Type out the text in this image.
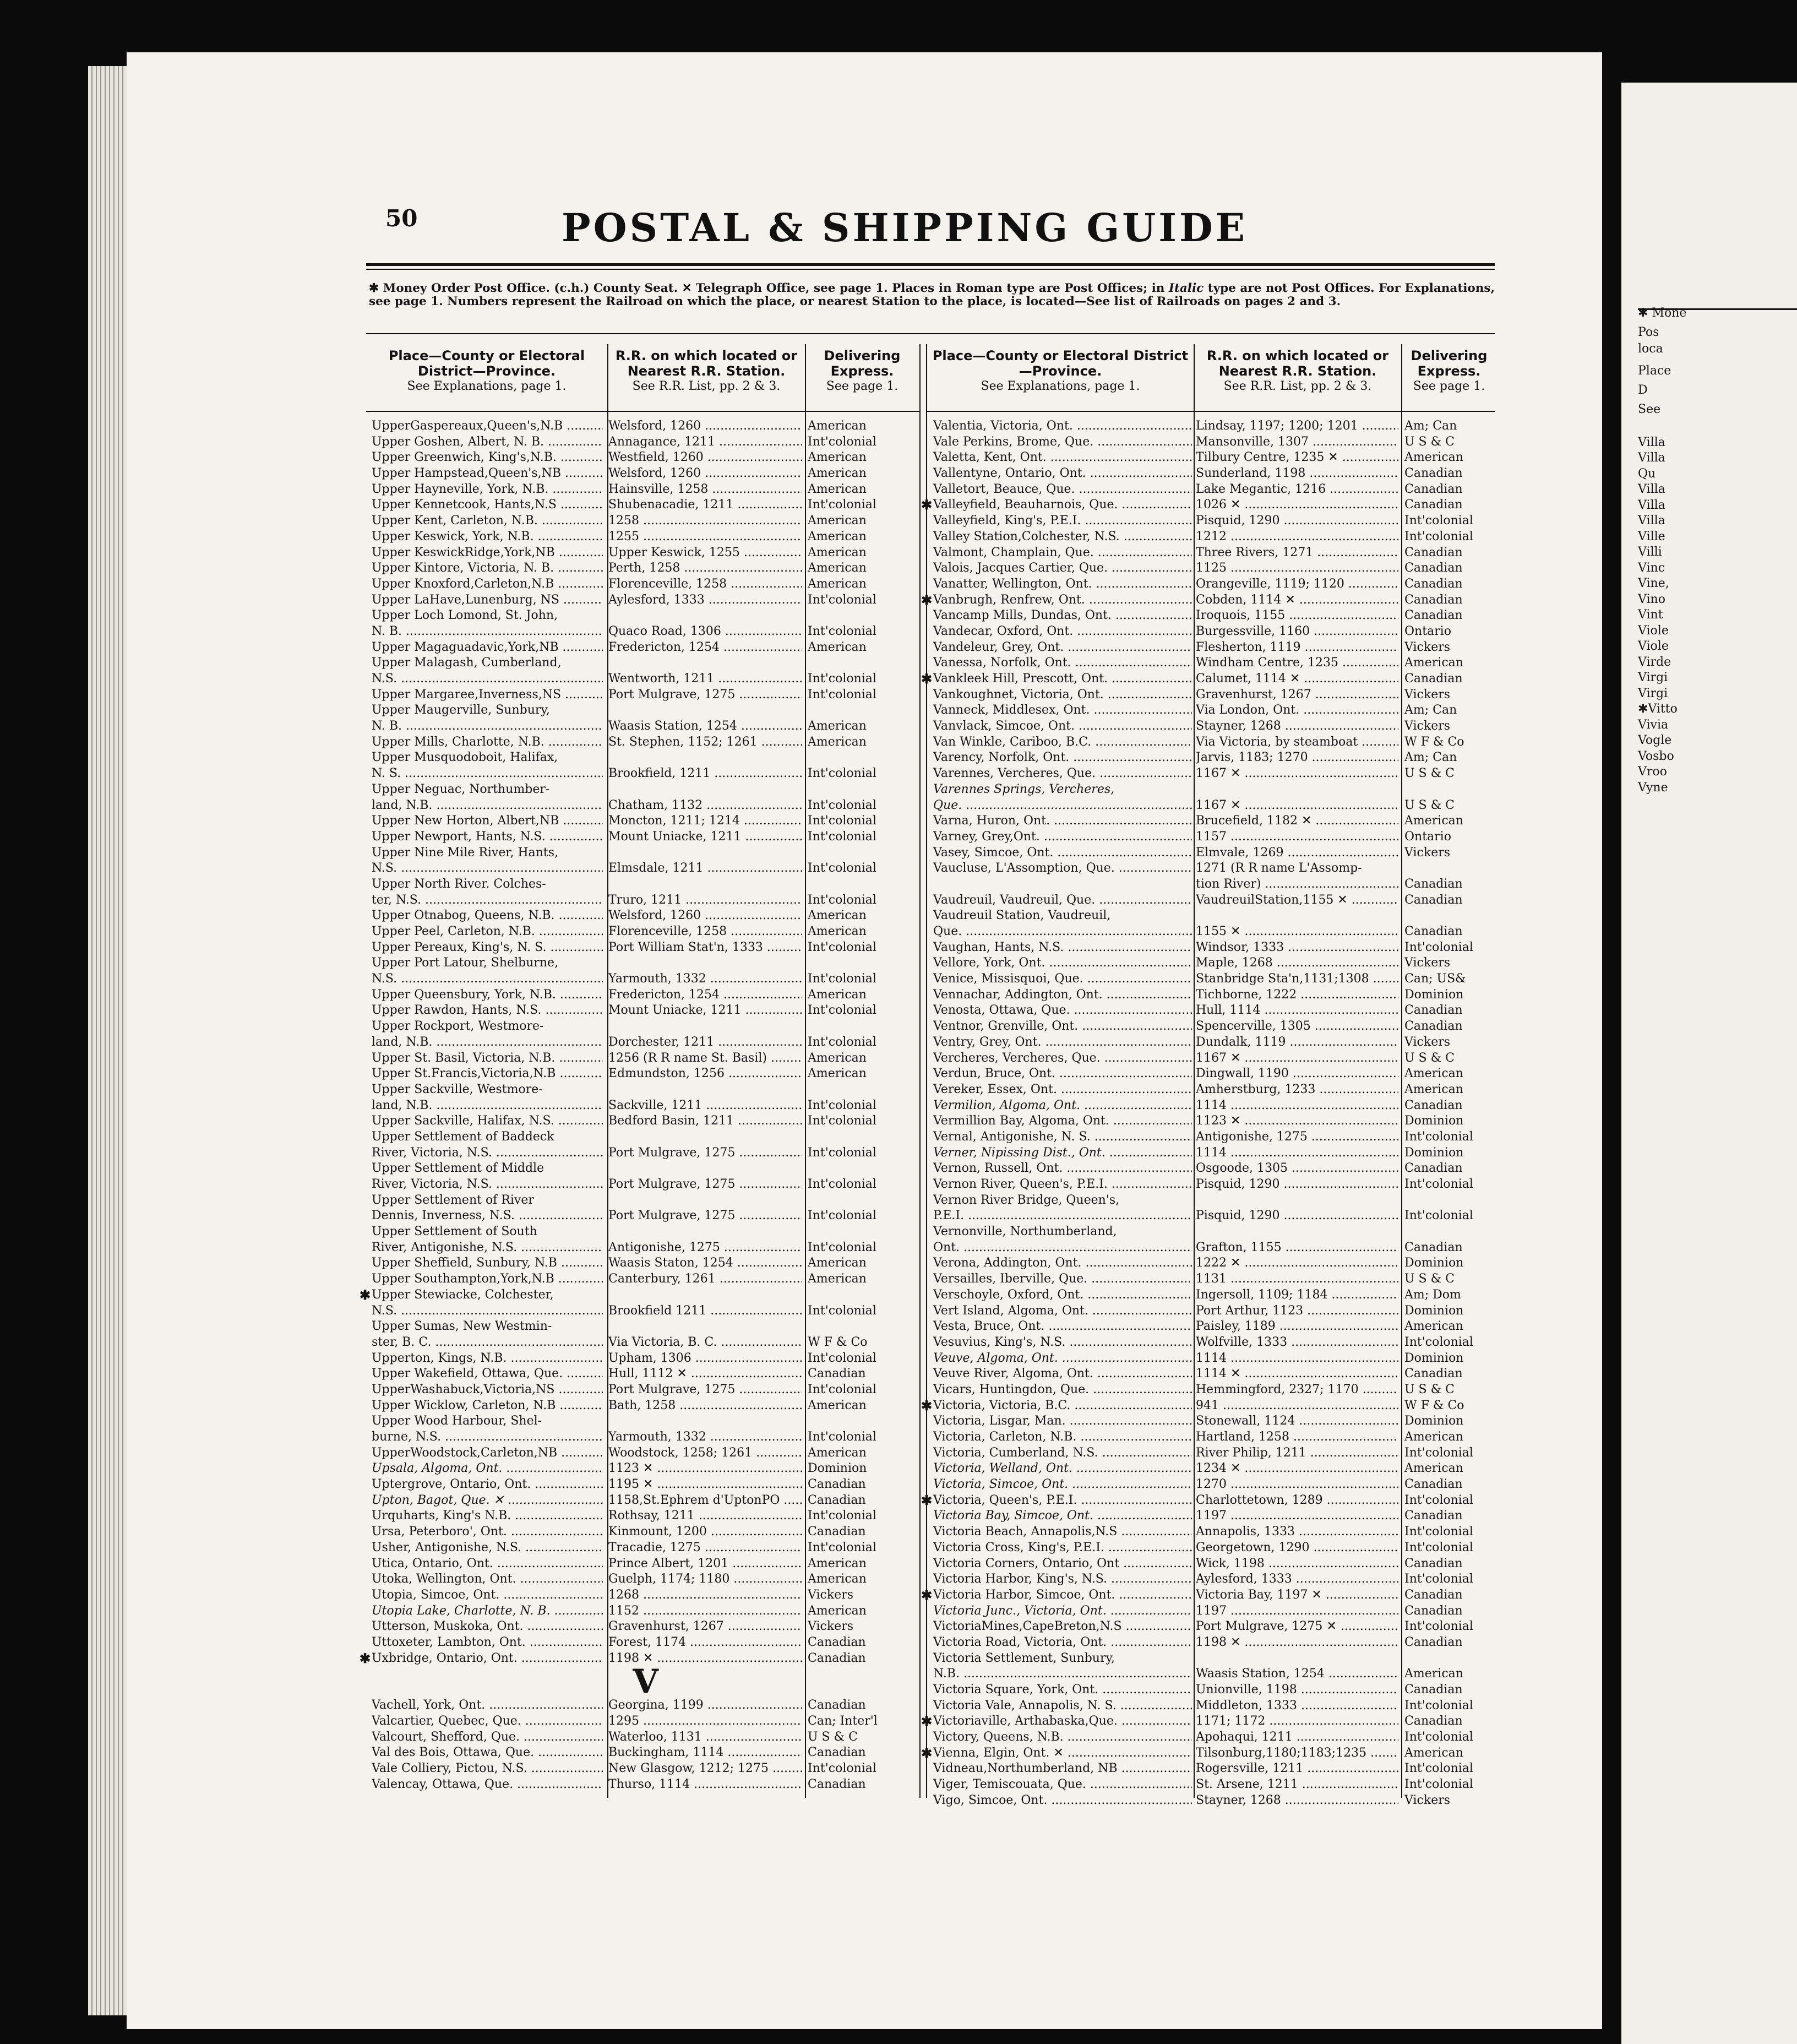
✱ Mone
Pos
loca
Place
D
See
Villa
Villa
Qu
Villa
Villa
Villa
Ville
Villi
Vinc
Vine,
Vino
Vint
Viole
Viole
Virde
Virgi
Virgi
✱Vitto
Vivia
Vogle
Vosbo
Vroo
Vyne
50	POSTAL & SHIPPING GUIDE
✱ Money Order Post Office. (c.h.) County Seat. ✕ Telegraph Office, see page 1. Places in Roman type are Post Offices; in Italic type are not Post Offices. For Explanations, see page 1. Numbers represent the Railroad on which the place, or nearest Station to the place, is located—See list of Railroads on pages 2 and 3.
Place—County or Electoral District—Province.
See Explanations, page 1.
R.R. on which located or Nearest R.R. Station.
See R.R. List, pp. 2 & 3.
Delivering Express.
See page 1.
Place—County or Electoral District—Province.
See Explanations, page 1.
R.R. on which located or Nearest R.R. Station.
See R.R. List, pp. 2 & 3.
Delivering Express.
See page 1.
UpperGaspereaux,Queen's,N.B .....	Welsford, 1260 .....	American
Upper Goshen, Albert, N. B. .....	Annagance, 1211 .....	Int'colonial
Upper Greenwich, King's,N.B. .....	Westfield, 1260 .....	American
Upper Hampstead,Queen's,NB .....	Welsford, 1260 .....	American
Upper Hayneville, York, N.B. .....	Hainsville, 1258 .....	American
Upper Kennetcook, Hants,N.S .....	Shubenacadie, 1211 .....	Int'colonial
Upper Kent, Carleton, N.B. .....	1258 .....	American
Upper Keswick, York, N.B. .....	1255 .....	American
Upper KeswickRidge,York,NB .....	Upper Keswick, 1255 .....	American
Upper Kintore, Victoria, N. B. .....	Perth, 1258 .....	American
Upper Knoxford,Carleton,N.B .....	Florenceville, 1258 .....	American
Upper LaHave,Lunenburg, NS .....	Aylesford, 1333 .....	Int'colonial
Upper Loch Lomond, St. John,
N. B. .....	Quaco Road, 1306 .....	Int'colonial
Upper Magaguadavic,York,NB .....	Fredericton, 1254 .....	American
Upper Malagash, Cumberland,
N.S. .....	Wentworth, 1211 .....	Int'colonial
Upper Margaree,Inverness,NS .....	Port Mulgrave, 1275 .....	Int'colonial
Upper Maugerville, Sunbury,
N. B. .....	Waasis Station, 1254 .....	American
Upper Mills, Charlotte, N.B. .....	St. Stephen, 1152; 1261 .....	American
Upper Musquodoboit, Halifax,
N. S. .....	Brookfield, 1211 .....	Int'colonial
Upper Neguac, Northumber-
land, N.B. .....	Chatham, 1132 .....	Int'colonial
Upper New Horton, Albert,NB .....	Moncton, 1211; 1214 .....	Int'colonial
Upper Newport, Hants, N.S. .....	Mount Uniacke, 1211 .....	Int'colonial
Upper Nine Mile River, Hants,
N.S. .....	Elmsdale, 1211 .....	Int'colonial
Upper North River. Colches-
ter, N.S. .....	Truro, 1211 .....	Int'colonial
Upper Otnabog, Queens, N.B. .....	Welsford, 1260 .....	American
Upper Peel, Carleton, N.B. .....	Florenceville, 1258 .....	American
Upper Pereaux, King's, N. S. .....	Port William Stat'n, 1333 .....	Int'colonial
Upper Port Latour, Shelburne,
N.S. .....	Yarmouth, 1332 .....	Int'colonial
Upper Queensbury, York, N.B. .....	Fredericton, 1254 .....	American
Upper Rawdon, Hants, N.S. .....	Mount Uniacke, 1211 .....	Int'colonial
Upper Rockport, Westmore-
land, N.B. .....	Dorchester, 1211 .....	Int'colonial
Upper St. Basil, Victoria, N.B. .....	1256 (R R name St. Basil) .....	American
Upper St.Francis,Victoria,N.B .....	Edmundston, 1256 .....	American
Upper Sackville, Westmore-
land, N.B. .....	Sackville, 1211 .....	Int'colonial
Upper Sackville, Halifax, N.S. .....	Bedford Basin, 1211 .....	Int'colonial
Upper Settlement of Baddeck
River, Victoria, N.S. .....	Port Mulgrave, 1275 .....	Int'colonial
Upper Settlement of Middle
River, Victoria, N.S. .....	Port Mulgrave, 1275 .....	Int'colonial
Upper Settlement of River
Dennis, Inverness, N.S. .....	Port Mulgrave, 1275 .....	Int'colonial
Upper Settlement of South
River, Antigonishe, N.S. .....	Antigonishe, 1275 .....	Int'colonial
Upper Sheffield, Sunbury, N.B .....	Waasis Staton, 1254 .....	American
Upper Southampton,York,N.B .....	Canterbury, 1261 .....	American
✱ Upper Stewiacke, Colchester,
N.S. .....	Brookfield 1211 .....	Int'colonial
Upper Sumas, New Westmin-
ster, B. C. .....	Via Victoria, B. C. .....	W F & Co
Upperton, Kings, N.B. .....	Upham, 1306 .....	Int'colonial
Upper Wakefield, Ottawa, Que. .....	Hull, 1112 ✕ .....	Canadian
UpperWashabuck,Victoria,NS .....	Port Mulgrave, 1275 .....	Int'colonial
Upper Wicklow, Carleton, N.B .....	Bath, 1258 .....	American
Upper Wood Harbour, Shel-
burne, N.S. .....	Yarmouth, 1332 .....	Int'colonial
UpperWoodstock,Carleton,NB .....	Woodstock, 1258; 1261 .....	American
Upsala, Algoma, Ont. .....	1123 ✕ .....	Dominion
Uptergrove, Ontario, Ont. .....	1195 ✕ .....	Canadian
Upton, Bagot, Que. ✕ .....	1158,St.Ephrem d'UptonPO .....	Canadian
Urquharts, King's N.B. .....	Rothsay, 1211 .....	Int'colonial
Ursa, Peterboro', Ont. .....	Kinmount, 1200 .....	Canadian
Usher, Antigonishe, N.S. .....	Tracadie, 1275 .....	Int'colonial
Utica, Ontario, Ont. .....	Prince Albert, 1201 .....	American
Utoka, Wellington, Ont. .....	Guelph, 1174; 1180 .....	American
Utopia, Simcoe, Ont. .....	1268 .....	Vickers
Utopia Lake, Charlotte, N. B. .....	1152 .....	American
Utterson, Muskoka, Ont. .....	Gravenhurst, 1267 .....	Vickers
Uttoxeter, Lambton, Ont. .....	Forest, 1174 .....	Canadian
✱ Uxbridge, Ontario, Ont. .....	1198 ✕ .....	Canadian
V
Vachell, York, Ont. .....	Georgina, 1199 .....	Canadian
Valcartier, Quebec, Que. .....	1295 .....	Can; Inter'l
Valcourt, Shefford, Que. .....	Waterloo, 1131 .....	U S & C
Val des Bois, Ottawa, Que. .....	Buckingham, 1114 .....	Canadian
Vale Colliery, Pictou, N.S. .....	New Glasgow, 1212; 1275 .....	Int'colonial
Valencay, Ottawa, Que. .....	Thurso, 1114 .....	Canadian
Valentia, Victoria, Ont. .....	Lindsay, 1197; 1200; 1201 .....	Am; Can
Vale Perkins, Brome, Que. .....	Mansonville, 1307 .....	U S & C
Valetta, Kent, Ont. .....	Tilbury Centre, 1235 ✕ .....	American
Vallentyne, Ontario, Ont. .....	Sunderland, 1198 .....	Canadian
Valletort, Beauce, Que. .....	Lake Megantic, 1216 .....	Canadian
✱ Valleyfield, Beauharnois, Que. .....	1026 ✕ .....	Canadian
Valleyfield, King's, P.E.I. .....	Pisquid, 1290 .....	Int'colonial
Valley Station,Colchester, N.S. .....	1212 .....	Int'colonial
Valmont, Champlain, Que. .....	Three Rivers, 1271 .....	Canadian
Valois, Jacques Cartier, Que. .....	1125 .....	Canadian
Vanatter, Wellington, Ont. .....	Orangeville, 1119; 1120 .....	Canadian
✱ Vanbrugh, Renfrew, Ont. .....	Cobden, 1114 ✕ .....	Canadian
Vancamp Mills, Dundas, Ont. .....	Iroquois, 1155 .....	Canadian
Vandecar, Oxford, Ont. .....	Burgessville, 1160 .....	Ontario
Vandeleur, Grey, Ont. .....	Flesherton, 1119 .....	Vickers
Vanessa, Norfolk, Ont. .....	Windham Centre, 1235 .....	American
✱ Vankleek Hill, Prescott, Ont. .....	Calumet, 1114 ✕ .....	Canadian
Vankoughnet, Victoria, Ont. .....	Gravenhurst, 1267 .....	Vickers
Vanneck, Middlesex, Ont. .....	Via London, Ont. .....	Am; Can
Vanvlack, Simcoe, Ont. .....	Stayner, 1268 .....	Vickers
Van Winkle, Cariboo, B.C. .....	Via Victoria, by steamboat .....	W F & Co
Varency, Norfolk, Ont. .....	Jarvis, 1183; 1270 .....	Am; Can
Varennes, Vercheres, Que. .....	1167 ✕ .....	U S & C
Varennes Springs, Vercheres,
Que. .....	1167 ✕ .....	U S & C
Varna, Huron, Ont. .....	Brucefield, 1182 ✕ .....	American
Varney, Grey,Ont. .....	1157 .....	Ontario
Vasey, Simcoe, Ont. .....	Elmvale, 1269 .....	Vickers
Vaucluse, L'Assomption, Que. .....	1271 (R R name L'Assomp-
tion River) .....	Canadian
Vaudreuil, Vaudreuil, Que. .....	VaudreuilStation,1155 ✕ .....	Canadian
Vaudreuil Station, Vaudreuil,
Que. .....	1155 ✕ .....	Canadian
Vaughan, Hants, N.S. .....	Windsor, 1333 .....	Int'colonial
Vellore, York, Ont. .....	Maple, 1268 .....	Vickers
Venice, Missisquoi, Que. .....	Stanbridge Sta'n,1131;1308 .....	Can; US&
Vennachar, Addington, Ont. .....	Tichborne, 1222 .....	Dominion
Venosta, Ottawa, Que. .....	Hull, 1114 .....	Canadian
Ventnor, Grenville, Ont. .....	Spencerville, 1305 .....	Canadian
Ventry, Grey, Ont. .....	Dundalk, 1119 .....	Vickers
Vercheres, Vercheres, Que. .....	1167 ✕ .....	U S & C
Verdun, Bruce, Ont. .....	Dingwall, 1190 .....	American
Vereker, Essex, Ont. .....	Amherstburg, 1233 .....	American
Vermilion, Algoma, Ont. .....	1114 .....	Canadian
Vermillion Bay, Algoma, Ont. .....	1123 ✕ .....	Dominion
Vernal, Antigonishe, N. S. .....	Antigonishe, 1275 .....	Int'colonial
Verner, Nipissing Dist., Ont. .....	1114 .....	Dominion
Vernon, Russell, Ont. .....	Osgoode, 1305 .....	Canadian
Vernon River, Queen's, P.E.I. .....	Pisquid, 1290 .....	Int'colonial
Vernon River Bridge, Queen's,
P.E.I. .....	Pisquid, 1290 .....	Int'colonial
Vernonville, Northumberland,
Ont. .....	Grafton, 1155 .....	Canadian
Verona, Addington, Ont. .....	1222 ✕ .....	Dominion
Versailles, Iberville, Que. .....	1131 .....	U S & C
Verschoyle, Oxford, Ont. .....	Ingersoll, 1109; 1184 .....	Am; Dom
Vert Island, Algoma, Ont. .....	Port Arthur, 1123 .....	Dominion
Vesta, Bruce, Ont. .....	Paisley, 1189 .....	American
Vesuvius, King's, N.S. .....	Wolfville, 1333 .....	Int'colonial
Veuve, Algoma, Ont. .....	1114 .....	Dominion
Veuve River, Algoma, Ont. .....	1114 ✕ .....	Canadian
Vicars, Huntingdon, Que. .....	Hemmingford, 2327; 1170 .....	U S & C
✱ Victoria, Victoria, B.C. .....	941 .....	W F & Co
Victoria, Lisgar, Man. .....	Stonewall, 1124 .....	Dominion
Victoria, Carleton, N.B. .....	Hartland, 1258 .....	American
Victoria, Cumberland, N.S. .....	River Philip, 1211 .....	Int'colonial
Victoria, Welland, Ont. .....	1234 ✕ .....	American
Victoria, Simcoe, Ont. .....	1270 .....	Canadian
✱ Victoria, Queen's, P.E.I. .....	Charlottetown, 1289 .....	Int'colonial
Victoria Bay, Simcoe, Ont. .....	1197 .....	Canadian
Victoria Beach, Annapolis,N.S .....	Annapolis, 1333 .....	Int'colonial
Victoria Cross, King's, P.E.I. .....	Georgetown, 1290 .....	Int'colonial
Victoria Corners, Ontario, Ont .....	Wick, 1198 .....	Canadian
Victoria Harbor, King's, N.S. .....	Aylesford, 1333 .....	Int'colonial
✱ Victoria Harbor, Simcoe, Ont. .....	Victoria Bay, 1197 ✕ .....	Canadian
Victoria Junc., Victoria, Ont. .....	1197 .....	Canadian
VictoriaMines,CapeBreton,N.S .....	Port Mulgrave, 1275 ✕ .....	Int'colonial
Victoria Road, Victoria, Ont. .....	1198 ✕ .....	Canadian
Victoria Settlement, Sunbury,
N.B. .....	Waasis Station, 1254 .....	American
Victoria Square, York, Ont. .....	Unionville, 1198 .....	Canadian
Victoria Vale, Annapolis, N. S. .....	Middleton, 1333 .....	Int'colonial
✱ Victoriaville, Arthabaska,Que. .....	1171; 1172 .....	Canadian
Victory, Queens, N.B. .....	Apohaqui, 1211 .....	Int'colonial
✱ Vienna, Elgin, Ont. ✕ .....	Tilsonburg,1180;1183;1235 .....	American
Vidneau,Northumberland, NB .....	Rogersville, 1211 .....	Int'colonial
Viger, Temiscouata, Que. .....	St. Arsene, 1211 .....	Int'colonial
Vigo, Simcoe, Ont. .....	Stayner, 1268 .....	Vickers
